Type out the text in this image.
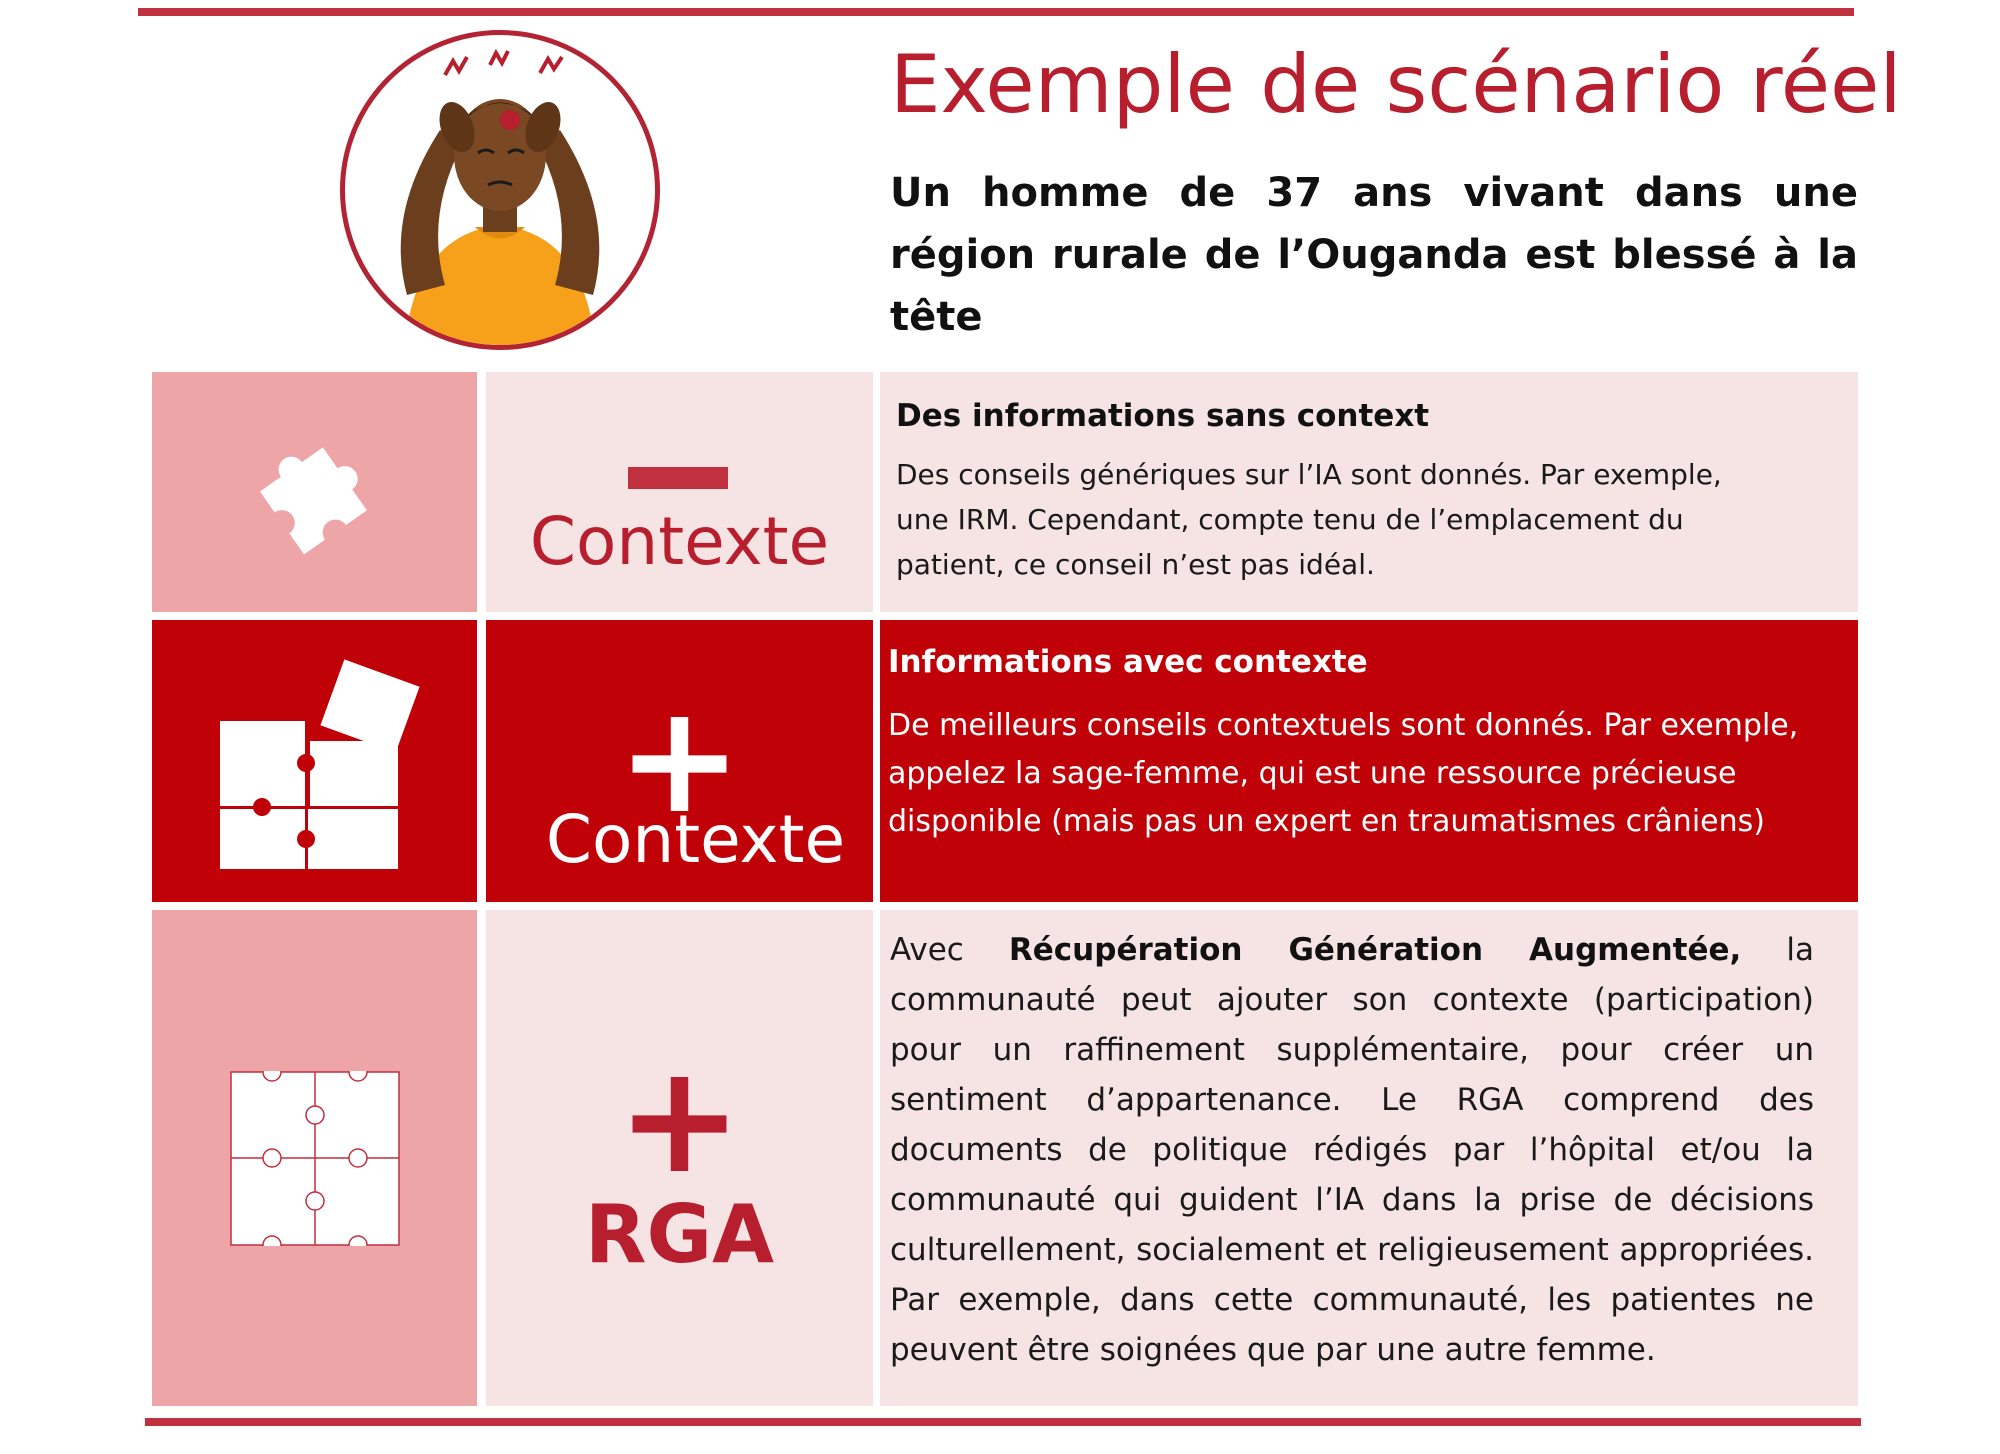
Exemple de scénario réel
Un homme de 37 ans vivant dans une région rurale de l’Ouganda est blessé à la tête
Contexte
Des informations sans context
Des conseils génériques sur l’IA sont donnés. Par exemple, une IRM. Cependant, compte tenu de l’emplacement du patient, ce conseil n’est pas idéal.
+
Contexte
Informations avec contexte
De meilleurs conseils contextuels sont donnés. Par exemple, appelez la sage-femme, qui est une ressource précieuse disponible (mais pas un expert en traumatismes crâniens)
+
RGA
Avec Récupération Génération Augmentée, la communauté peut ajouter son contexte (participation) pour un raffinement supplémentaire, pour créer un sentiment d’appartenance. Le RGA comprend des documents de politique rédigés par l’hôpital et/ou la communauté qui guident l’IA dans la prise de décisions culturellement, socialement et religieusement appropriées. Par exemple, dans cette communauté, les patientes ne peuvent être soignées que par une autre femme.
